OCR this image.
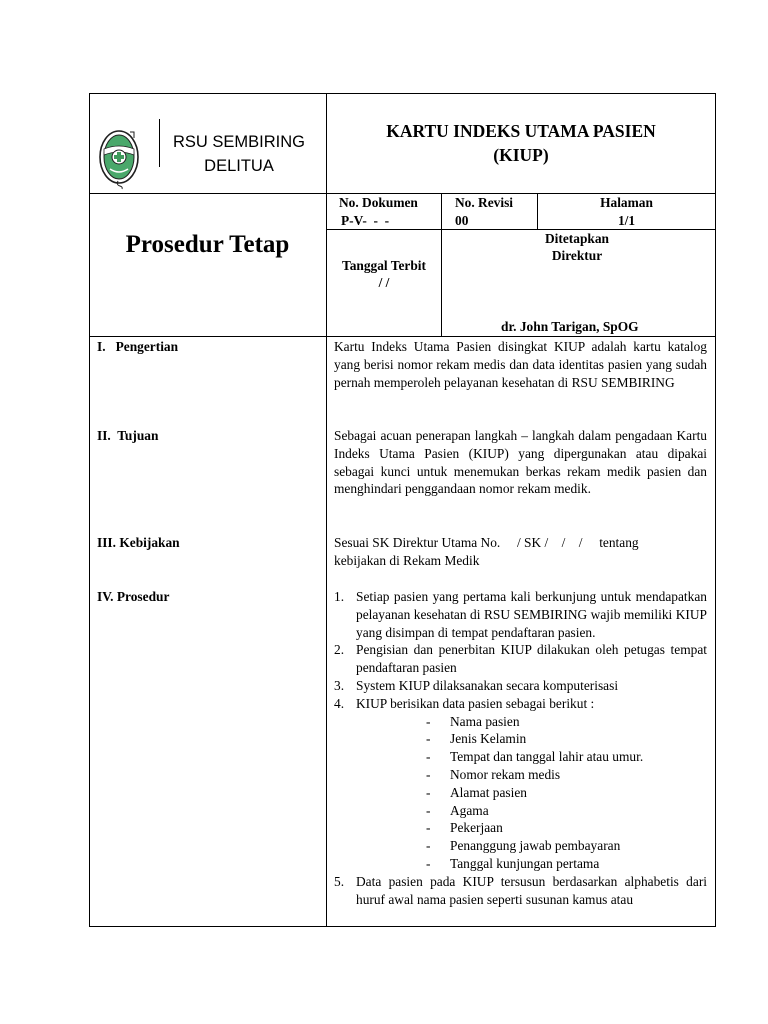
RSU SEMBIRING
DELITUA
KARTU INDEKS UTAMA PASIEN
(KIUP)
Prosedur Tetap
No. Dokumen
P-V-  -  -
No. Revisi
00
Halaman
1/1
Tanggal Terbit
/ /
Ditetapkan
Direktur
dr. John Tarigan, SpOG
I.   Pengertian
II.  Tujuan
III. Kebijakan
IV. Prosedur
Kartu Indeks Utama Pasien disingkat KIUP adalah kartu katalog yang berisi nomor rekam medis dan data identitas pasien yang sudah pernah memperoleh pelayanan kesehatan di RSU SEMBIRING
Sebagai acuan penerapan langkah – langkah dalam pengadaan Kartu Indeks Utama Pasien (KIUP) yang dipergunakan atau dipakai sebagai kunci untuk menemukan berkas rekam medik pasien dan menghindari penggandaan nomor rekam medik.
Sesuai SK Direktur Utama No.     / SK /    /    /     tentang
kebijakan di Rekam Medik
1. Setiap pasien yang pertama kali berkunjung untuk mendapatkan pelayanan kesehatan di RSU SEMBIRING wajib memiliki KIUP yang disimpan di tempat pendaftaran pasien.
2. Pengisian dan penerbitan KIUP dilakukan oleh petugas tempat pendaftaran pasien
3. System KIUP dilaksanakan secara komputerisasi
4. KIUP berisikan data pasien sebagai berikut :
- Nama pasien
- Jenis Kelamin
- Tempat dan tanggal lahir atau umur.
- Nomor rekam medis
- Alamat pasien
- Agama
- Pekerjaan
- Penanggung jawab pembayaran
- Tanggal kunjungan pertama
5. Data pasien pada KIUP tersusun berdasarkan alphabetis dari huruf awal nama pasien seperti susunan kamus atau
